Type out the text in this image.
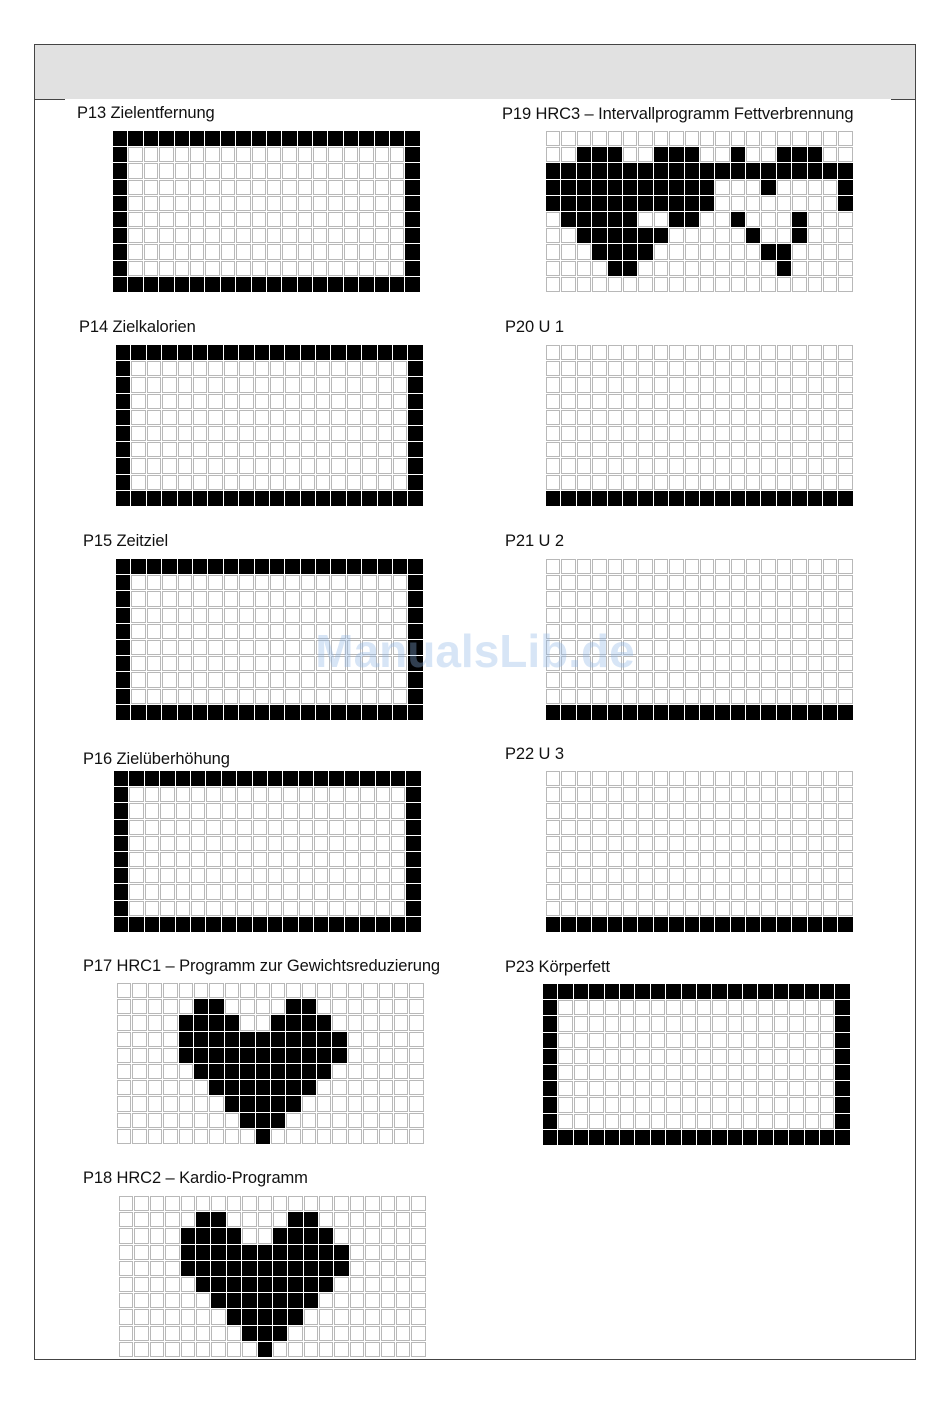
P13 Zielentfernung
P14 Zielkalorien
P15 Zeitziel
P16 Zielüberhöhung
P17 HRC1 – Programm zur Gewichtsreduzierung
P18 HRC2 – Kardio-Programm
P19 HRC3 – Intervallprogramm Fettverbrennung
P20 U 1
P21 U 2
P22 U 3
P23 Körperfett
ManualsLib.de
